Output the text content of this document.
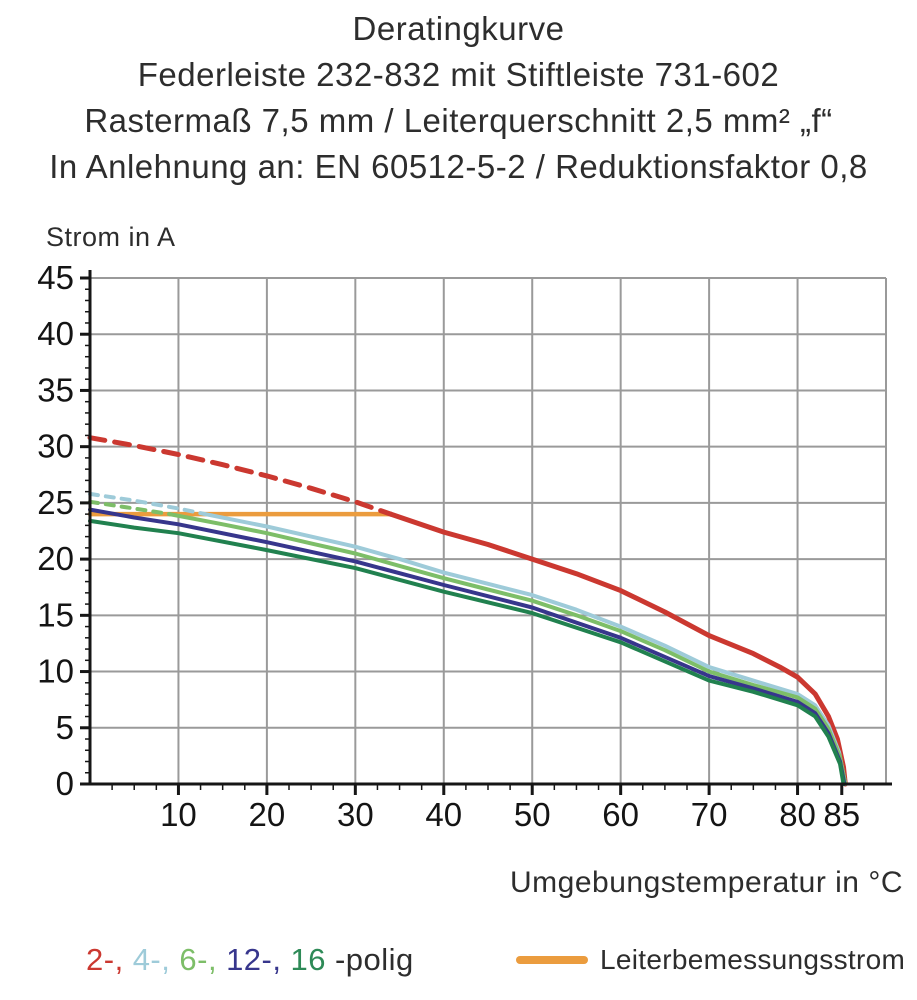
0
5
10
15
20
25
30
35
40
45
10 20 30 40 50 60 70 80 85
Deratingkurve
Federleiste 232-832 mit Stiftleiste 731-602
Rastermaß 7,5 mm / Leiterquerschnitt 2,5 mm² „f“
In Anlehnung an: EN 60512-5-2 / Reduktionsfaktor 0,8
Strom in A
Umgebungstemperatur in °C
2-, 4-, 6-, 12-, 16 -polig	Leiterbemessungsstrom
